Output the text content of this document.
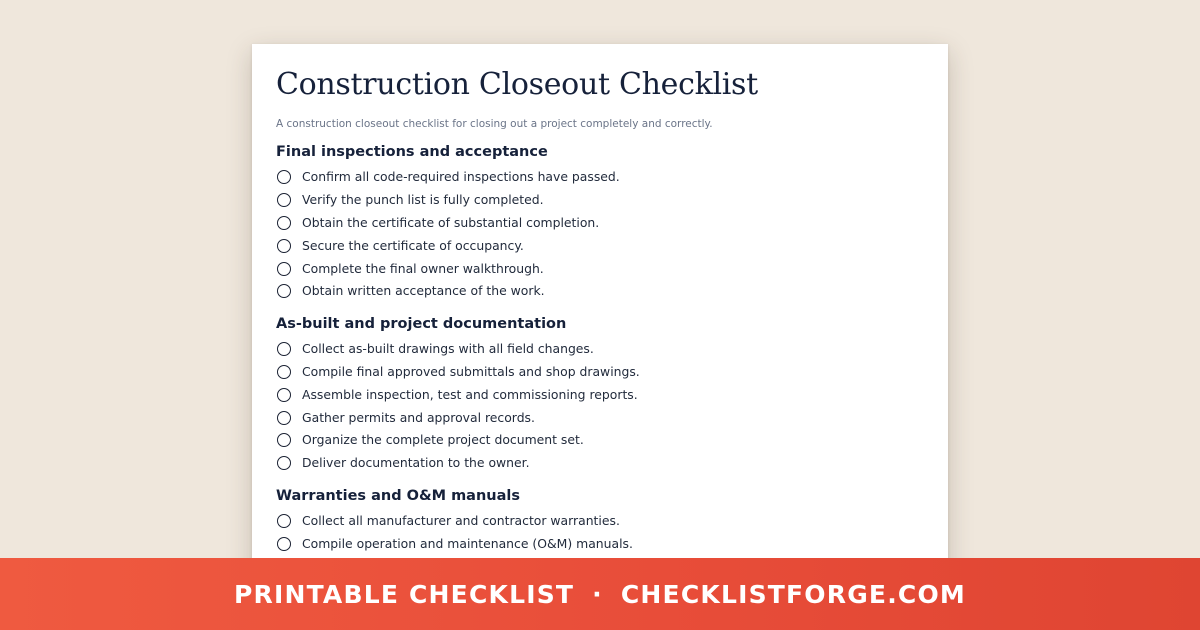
Construction Closeout Checklist

A construction closeout checklist for closing out a project completely and correctly.

Final inspections and acceptance
Confirm all code-required inspections have passed.
Verify the punch list is fully completed.
Obtain the certificate of substantial completion.
Secure the certificate of occupancy.
Complete the final owner walkthrough.
Obtain written acceptance of the work.
As-built and project documentation
Collect as-built drawings with all field changes.
Compile final approved submittals and shop drawings.
Assemble inspection, test and commissioning reports.
Gather permits and approval records.
Organize the complete project document set.
Deliver documentation to the owner.
Warranties and O&M manuals
Collect all manufacturer and contractor warranties.
Compile operation and maintenance (O&M) manuals.
PRINTABLE CHECKLIST · CHECKLISTFORGE.COM
